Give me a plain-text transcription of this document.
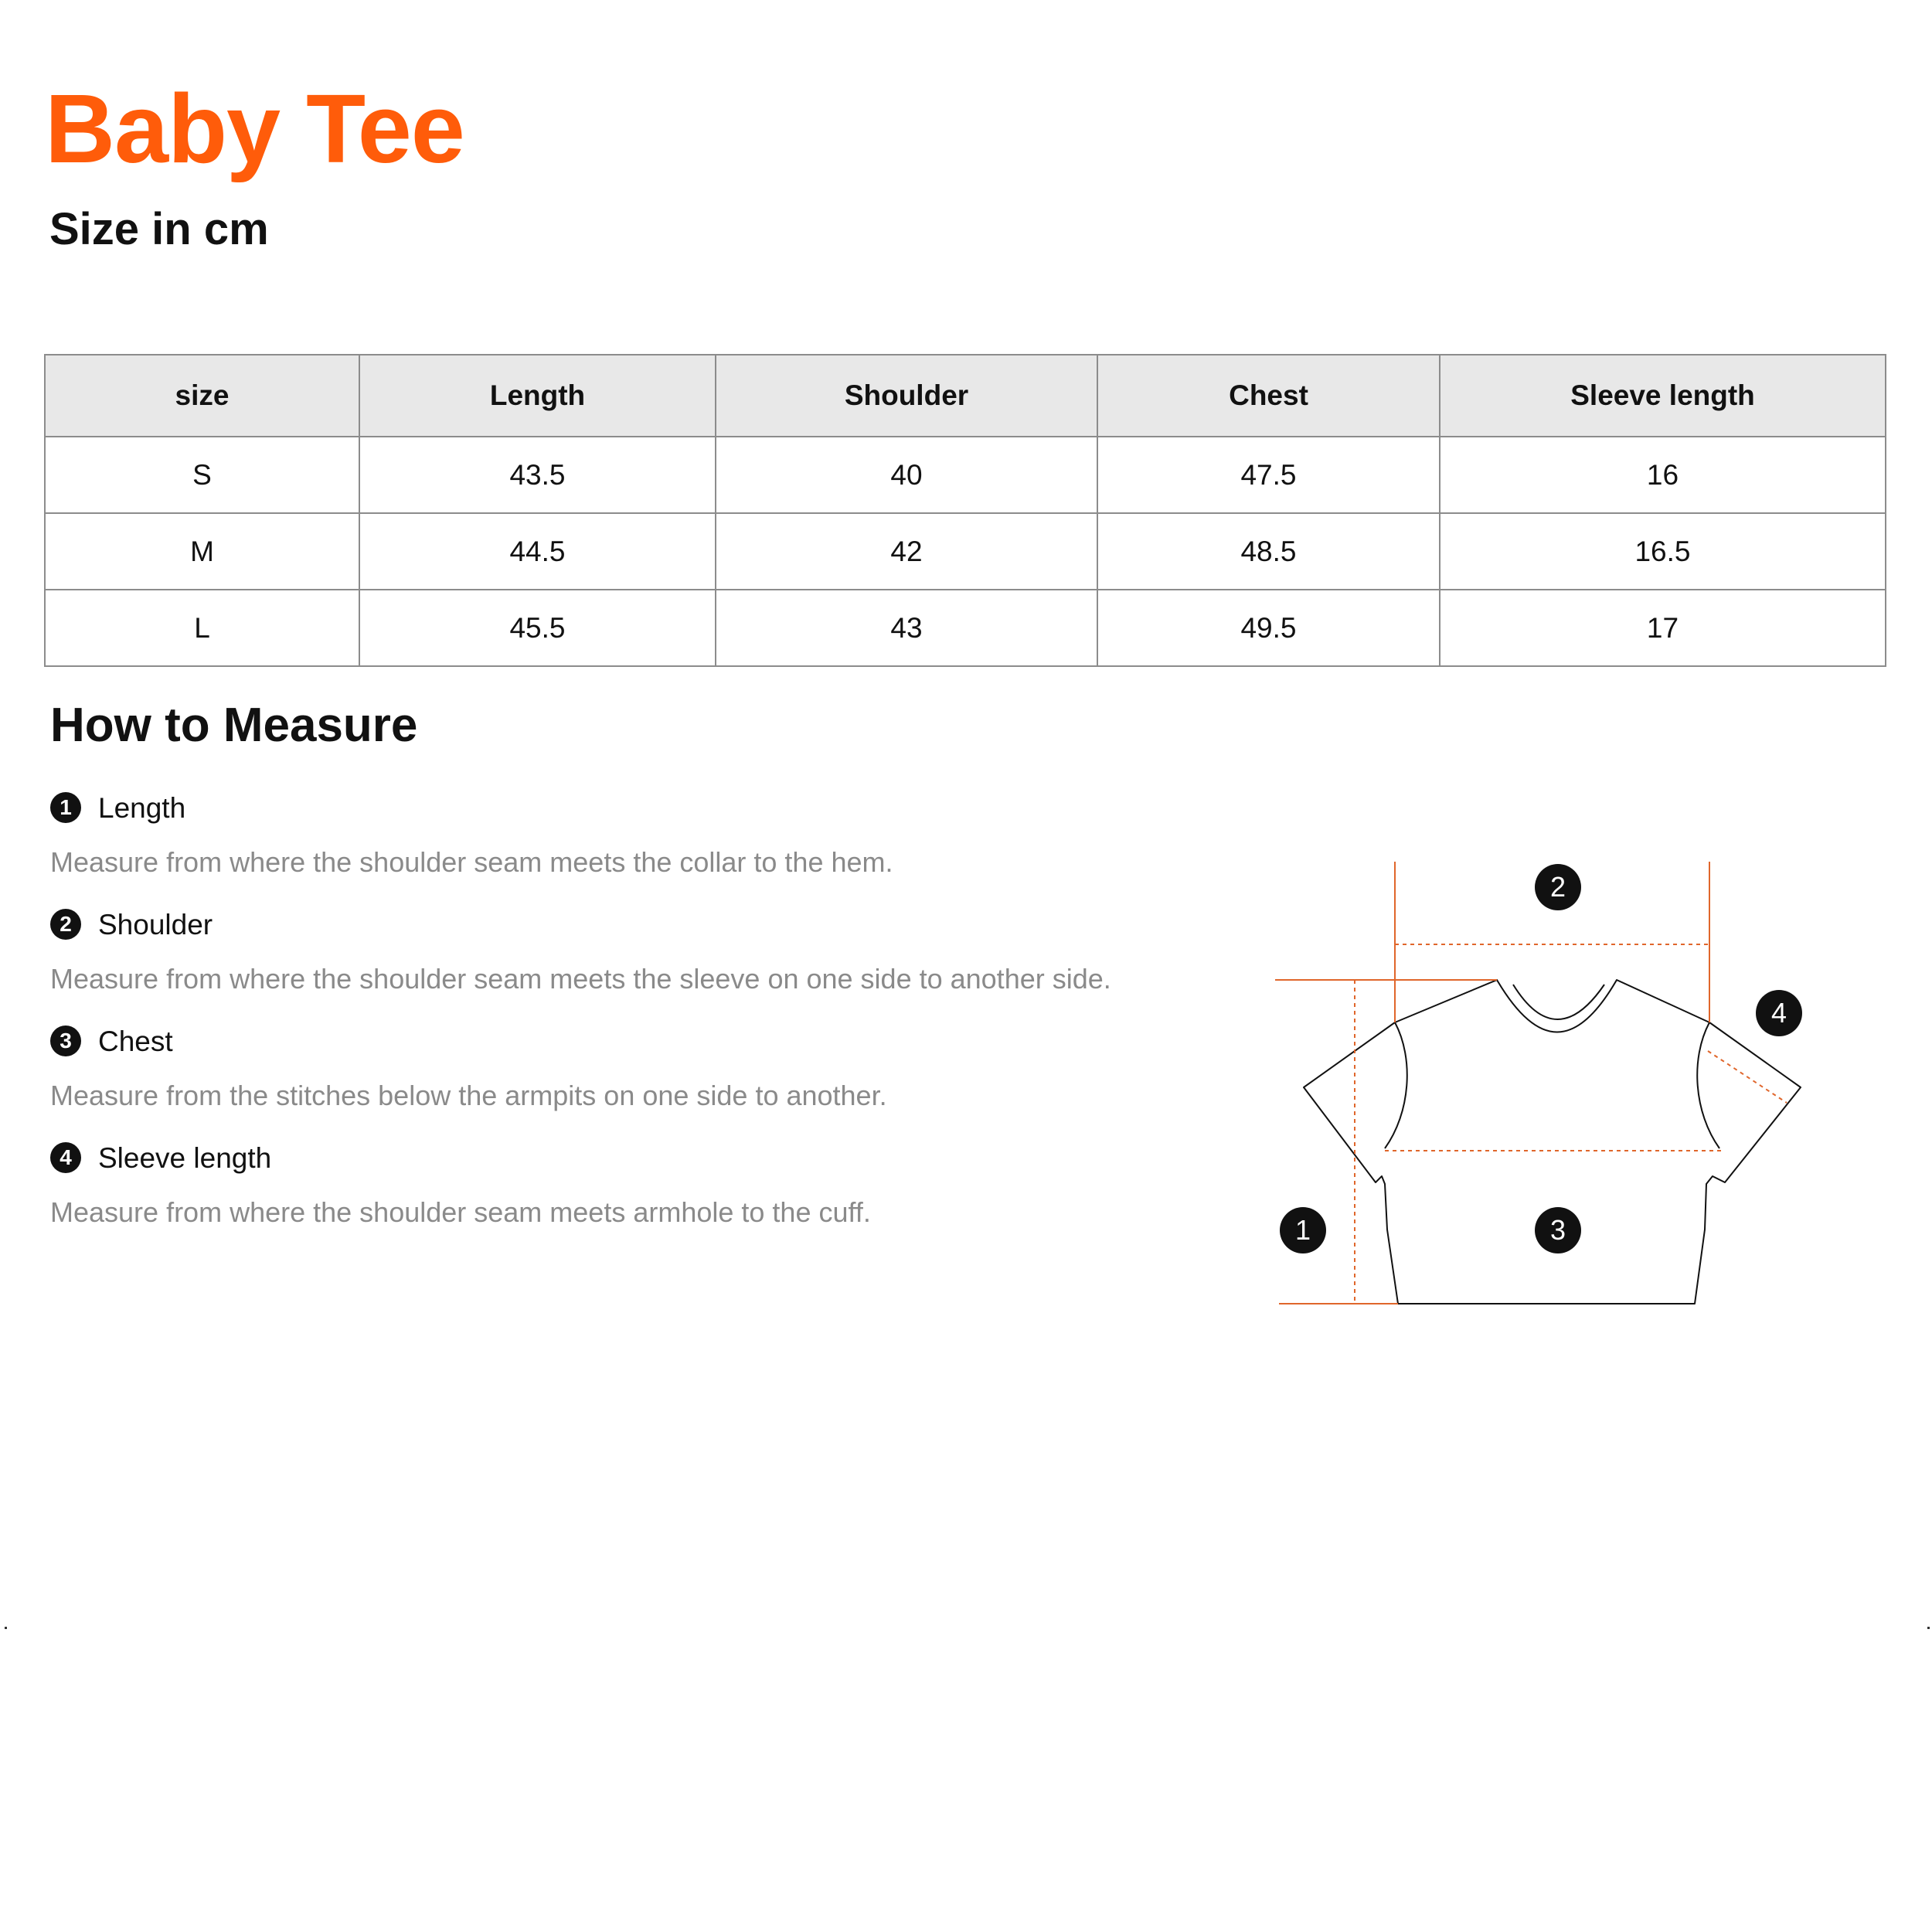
Baby Tee
Size in cm
size	Length	Shoulder	Chest	Sleeve length
S	43.5	40	47.5	16
M	44.5	42	48.5	16.5
L	45.5	43	49.5	17
How to Measure
1 Length
Measure from where the shoulder seam meets the collar to the hem.
2 Shoulder
Measure from where the shoulder seam meets the sleeve on one side to another side.
3 Chest
Measure from the stitches below the armpits on one side to another.
4 Sleeve length
Measure from where the shoulder seam meets armhole to the cuff.
1
2
3
4
